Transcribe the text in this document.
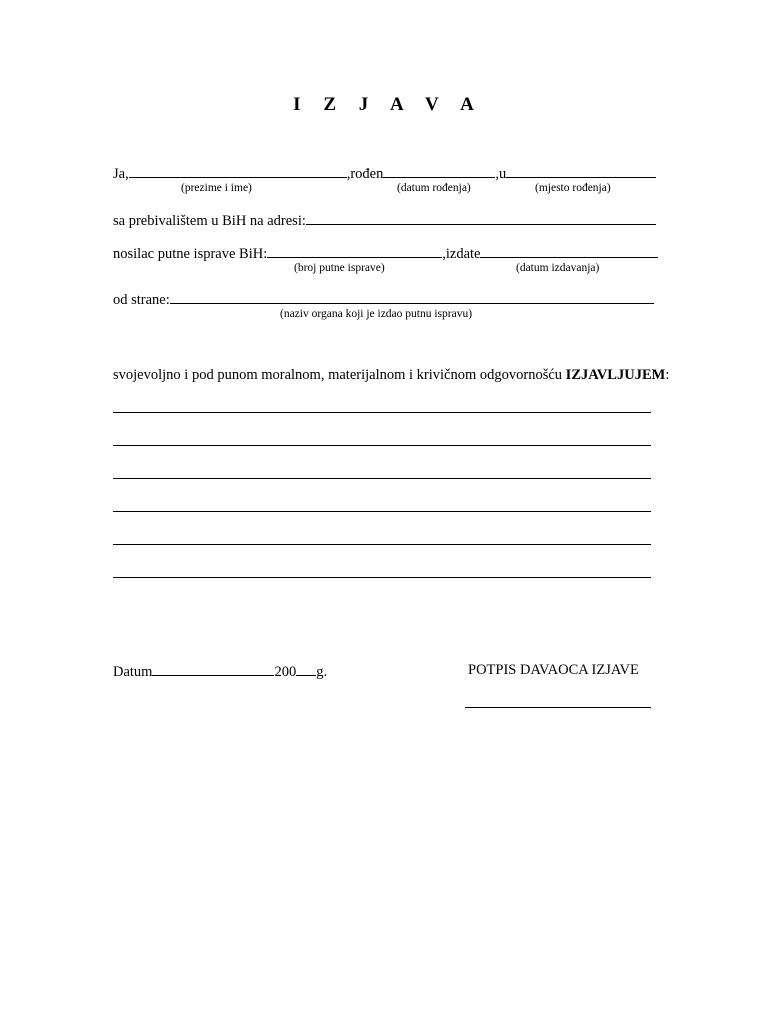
I Z J A V A
Ja,	,rođen	,u
(prezime i ime)	(datum rođenja)	(mjesto rođenja)
sa prebivalištem u BiH na adresi:
nosilac putne isprave BiH:	,izdate
(broj putne isprave)	(datum izdavanja)
od strane:
(naziv organa koji je izdao putnu ispravu)
svojevoljno i pod punom moralnom, materijalnom i krivičnom odgovornošću IZJAVLJUJEM:
Datum	200 g.	POTPIS DAVAOCA IZJAVE
